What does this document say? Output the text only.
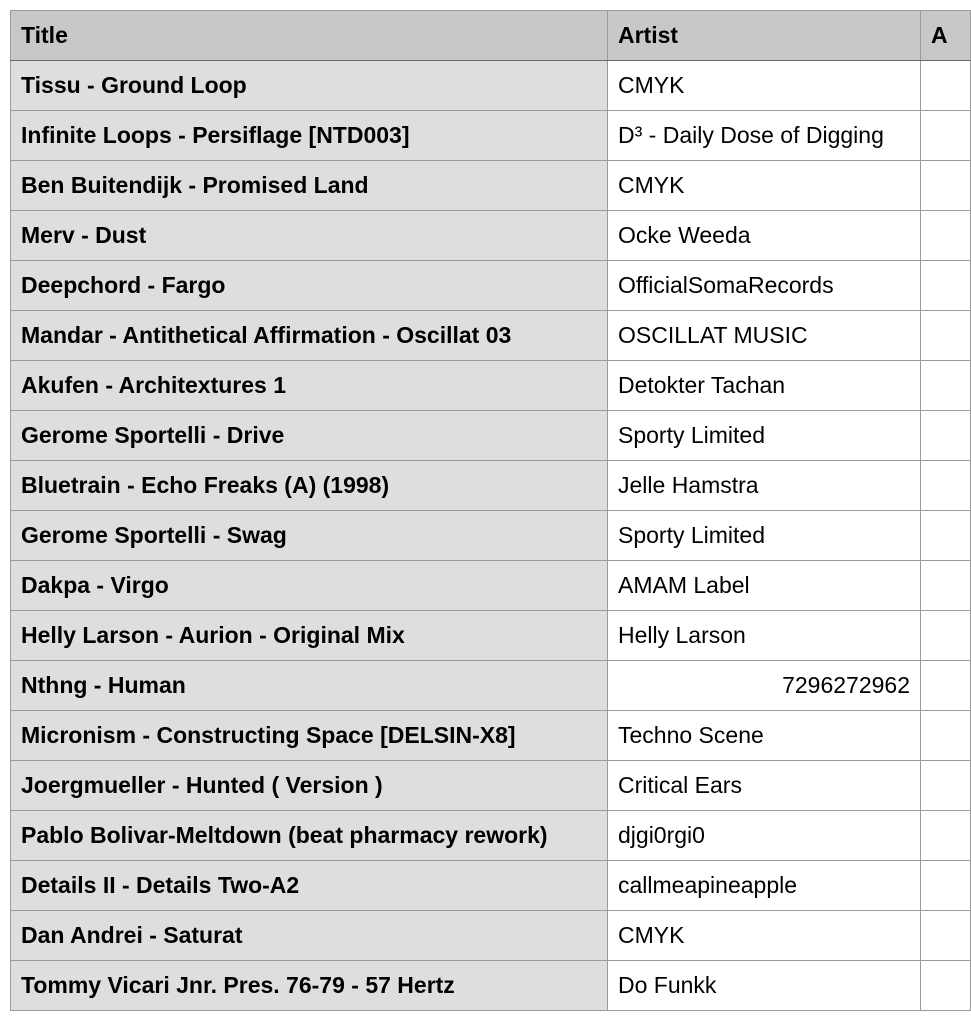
Title	Artist	A
Tissu - Ground Loop	CMYK	
Infinite Loops - Persiflage [NTD003]	D³ - Daily Dose of Digging	
Ben Buitendijk - Promised Land	CMYK	
Merv - Dust	Ocke Weeda	
Deepchord - Fargo	OfficialSomaRecords	
Mandar - Antithetical Affirmation - Oscillat 03	OSCILLAT MUSIC	
Akufen - Architextures 1	Detokter Tachan	
Gerome Sportelli - Drive	Sporty Limited	
Bluetrain - Echo Freaks (A) (1998)	Jelle Hamstra	
Gerome Sportelli - Swag	Sporty Limited	
Dakpa - Virgo	AMAM Label	
Helly Larson - Aurion - Original Mix	Helly Larson	
Nthng - Human	7296272962	
Micronism - Constructing Space [DELSIN-X8]	Techno Scene	
Joergmueller - Hunted ( Version )	Critical Ears	
Pablo Bolivar-Meltdown (beat pharmacy rework)	djgi0rgi0	
Details II - Details Two-A2	callmeapineapple	
Dan Andrei - Saturat	CMYK	
Tommy Vicari Jnr. Pres. 76-79 - 57 Hertz	Do Funkk	
